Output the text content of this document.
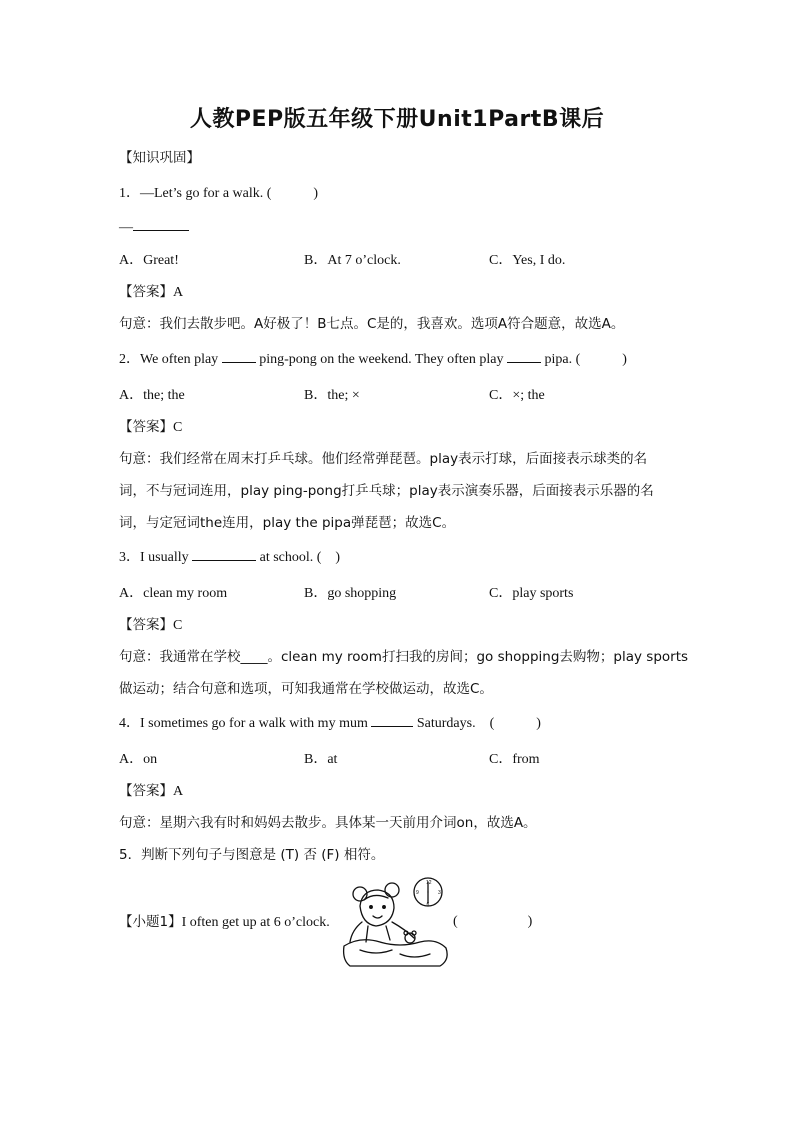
人教PEP版五年级下册Unit1PartB课后
【知识巩固】
1．—Let’s go for a walk. (　　　)
—
A．Great!	B．At 7 o’clock.	C．Yes, I do.
【答案】A
句意：我们去散步吧。A好极了！B七点。C是的，我喜欢。选项A符合题意，故选A。
2．We often play  ping-pong on the weekend. They often play  pipa. (　　　)
A．the; the	B．the; ×	C．×; the
【答案】C
句意：我们经常在周末打乒乓球。他们经常弹琵琶。play表示打球，后面接表示球类的名
词，不与冠词连用，play ping-pong打乒乓球；play表示演奏乐器，后面接表示乐器的名
词，与定冠词the连用，play the pipa弹琵琶；故选C。
3．I usually	at school. (　)
A．clean my room	B．go shopping	C．play sports
【答案】C
句意：我通常在学校____。clean my room打扫我的房间；go shopping去购物；play sports
做运动；结合句意和选项，可知我通常在学校做运动，故选C。
4．I sometimes go for a walk with my mum	Saturdays.　(　　　)
A．on	B．at	C．from
【答案】A
句意：星期六我有时和妈妈去散步。具体某一天前用介词on，故选A。
5．判断下列句子与图意是 (T) 否 (F) 相符。
【小题1】I often get up at 6 o’clock.	(　　　　　)
12
3
6
9
